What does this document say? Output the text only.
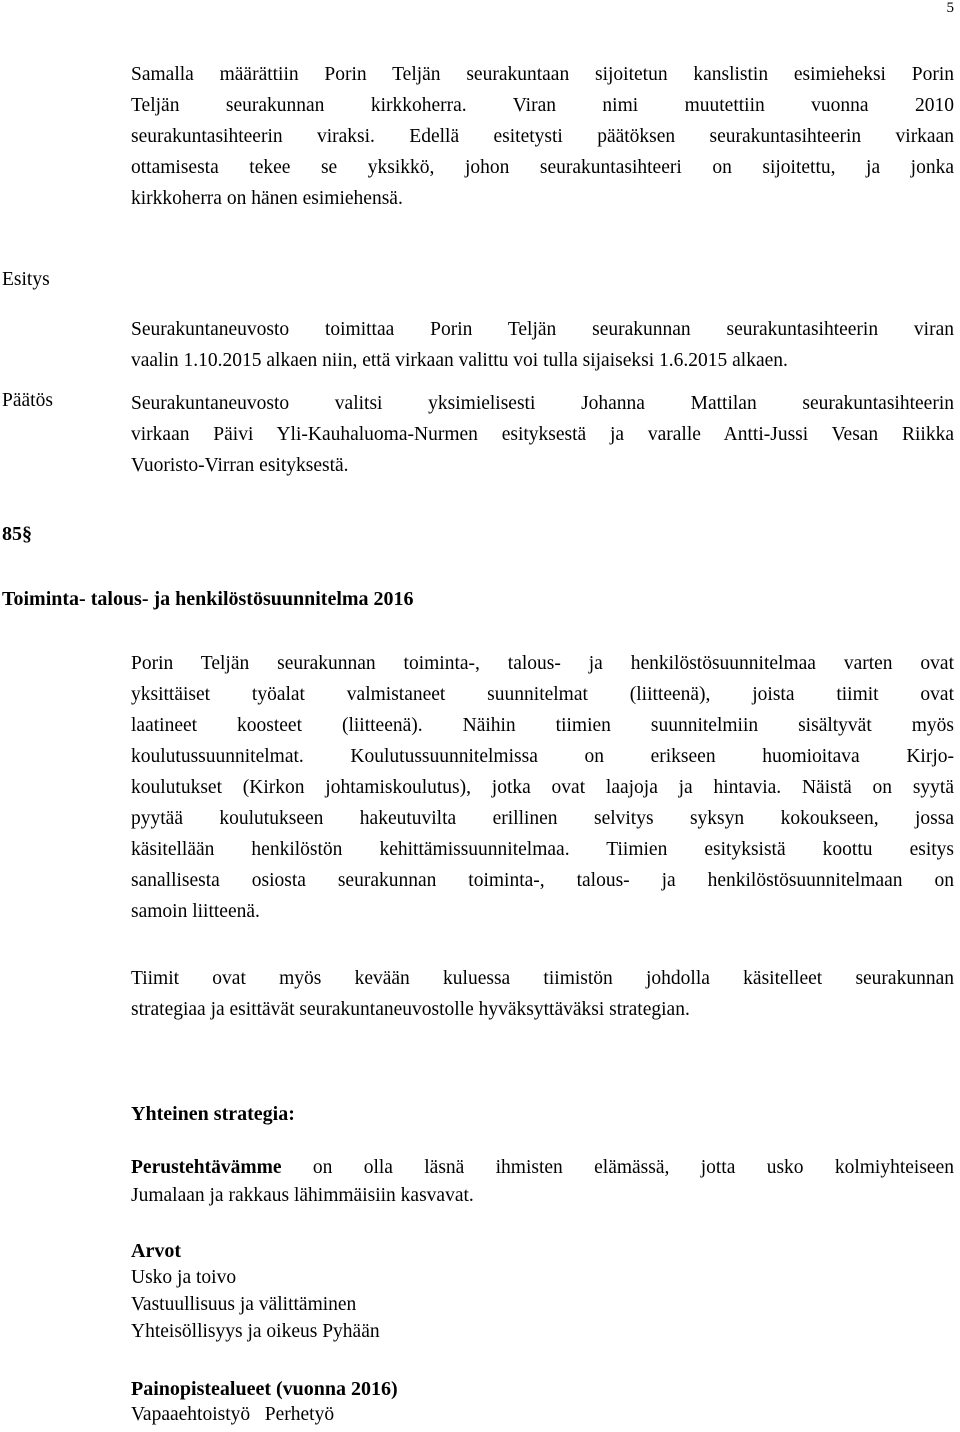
5
Samalla määrättiin Porin Teljän seurakuntaan sijoitetun kanslistin esimieheksi Porin
Teljän seurakunnan kirkkoherra. Viran nimi muutettiin vuonna 2010
seurakuntasihteerin viraksi. Edellä esitetysti päätöksen seurakuntasihteerin virkaan
ottamisesta tekee se yksikkö, johon seurakuntasihteeri on sijoitettu, ja jonka
kirkkoherra on hänen esimiehensä.
Esitys
Seurakuntaneuvosto toimittaa Porin Teljän seurakunnan seurakuntasihteerin viran
vaalin 1.10.2015 alkaen niin, että virkaan valittu voi tulla sijaiseksi 1.6.2015 alkaen.
Päätös	Seurakuntaneuvosto valitsi yksimielisesti Johanna Mattilan seurakuntasihteerin
virkaan Päivi Yli-Kauhaluoma-Nurmen esityksestä ja varalle Antti-Jussi Vesan Riikka
Vuoristo-Virran esityksestä.
85§
Toiminta- talous- ja henkilöstösuunnitelma 2016
Porin Teljän seurakunnan toiminta-, talous- ja henkilöstösuunnitelmaa varten ovat
yksittäiset työalat valmistaneet suunnitelmat (liitteenä), joista tiimit ovat
laatineet koosteet (liitteenä). Näihin tiimien suunnitelmiin sisältyvät myös
koulutussuunnitelmat. Koulutussuunnitelmissa on erikseen huomioitava Kirjo-
koulutukset (Kirkon johtamiskoulutus), jotka ovat laajoja ja hintavia. Näistä on syytä
pyytää koulutukseen hakeutuvilta erillinen selvitys syksyn kokoukseen, jossa
käsitellään henkilöstön kehittämissuunnitelmaa. Tiimien esityksistä koottu esitys
sanallisesta osiosta seurakunnan toiminta-, talous- ja henkilöstösuunnitelmaan on
samoin liitteenä.
Tiimit ovat myös kevään kuluessa tiimistön johdolla käsitelleet seurakunnan
strategiaa ja esittävät seurakuntaneuvostolle hyväksyttäväksi strategian.
Yhteinen strategia:
Perustehtävämme on olla läsnä ihmisten elämässä, jotta usko kolmiyhteiseen
Jumalaan ja rakkaus lähimmäisiin kasvavat.
Arvot
Usko ja toivo
Vastuullisuus ja välittäminen
Yhteisöllisyys ja oikeus Pyhään
Painopistealueet (vuonna 2016)
Vapaaehtoistyö   Perhetyö
